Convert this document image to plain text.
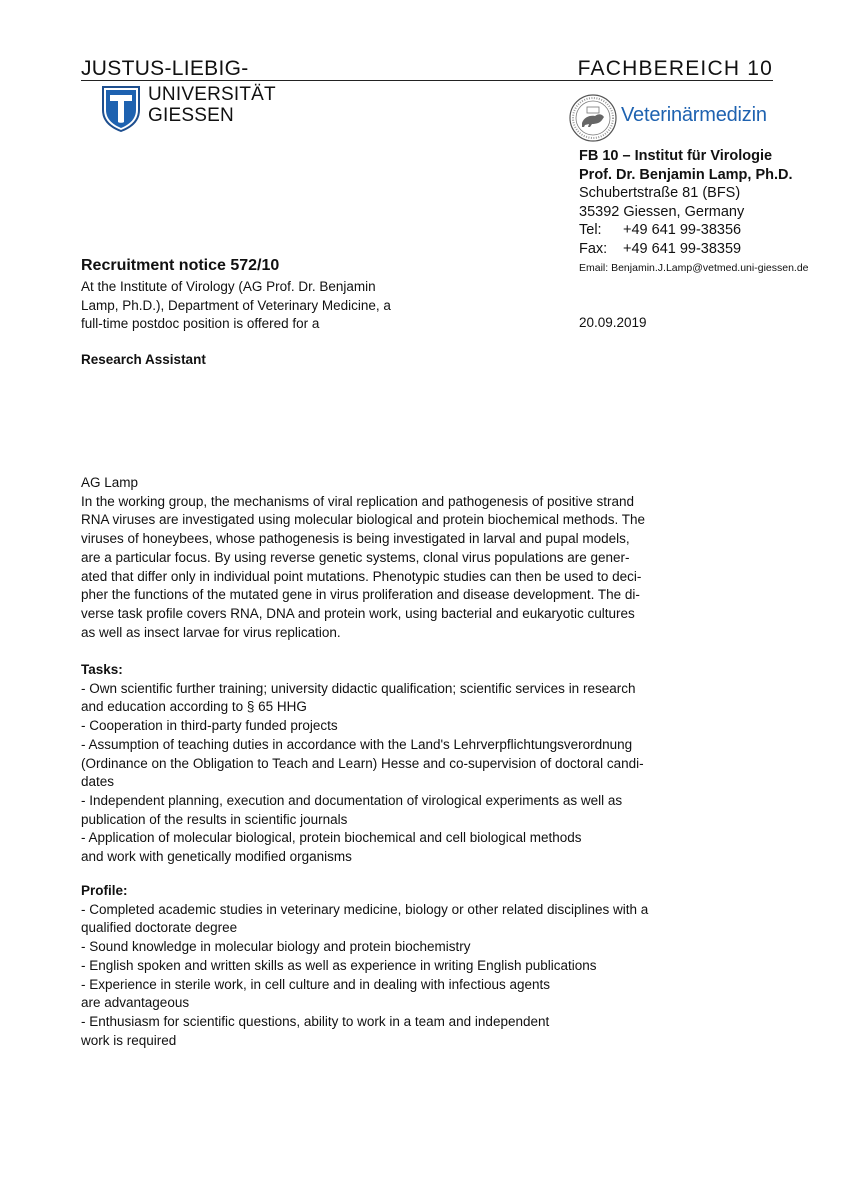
JUSTUS-LIEBIG-	FACHBEREICH 10
UNIVERSITÄT
GIESSEN	Veterinärmedizin
FB 10 – Institut für Virologie
Prof. Dr. Benjamin Lamp, Ph.D.
Schubertstraße 81 (BFS)
35392 Giessen, Germany
Tel: +49 641 99-38356
Fax: +49 641 99-38359
Email: Benjamin.J.Lamp@vetmed.uni-giessen.de
Recruitment notice 572/10
At the Institute of Virology (AG Prof. Dr. Benjamin
Lamp, Ph.D.), Department of Veterinary Medicine, a
full-time postdoc position is offered for a	20.09.2019
Research Assistant

AG Lamp

In the working group, the mechanisms of viral replication and pathogenesis of positive strand

RNA viruses are investigated using molecular biological and protein biochemical methods. The

viruses of honeybees, whose pathogenesis is being investigated in larval and pupal models,

are a particular focus. By using reverse genetic systems, clonal virus populations are gener-

ated that differ only in individual point mutations. Phenotypic studies can then be used to deci-

pher the functions of the mutated gene in virus proliferation and disease development. The di-

verse task profile covers RNA, DNA and protein work, using bacterial and eukaryotic cultures

as well as insect larvae for virus replication.

Tasks:

- Own scientific further training; university didactic qualification; scientific services in research

and education according to § 65 HHG

- Cooperation in third-party funded projects

- Assumption of teaching duties in accordance with the Land's Lehrverpflichtungsverordnung

(Ordinance on the Obligation to Teach and Learn) Hesse and co-supervision of doctoral candi-

dates

- Independent planning, execution and documentation of virological experiments as well as

publication of the results in scientific journals

- Application of molecular biological, protein biochemical and cell biological methods

and work with genetically modified organisms

Profile:

- Completed academic studies in veterinary medicine, biology or other related disciplines with a

qualified doctorate degree

- Sound knowledge in molecular biology and protein biochemistry

- English spoken and written skills as well as experience in writing English publications

- Experience in sterile work, in cell culture and in dealing with infectious agents

are advantageous

- Enthusiasm for scientific questions, ability to work in a team and independent

work is required
